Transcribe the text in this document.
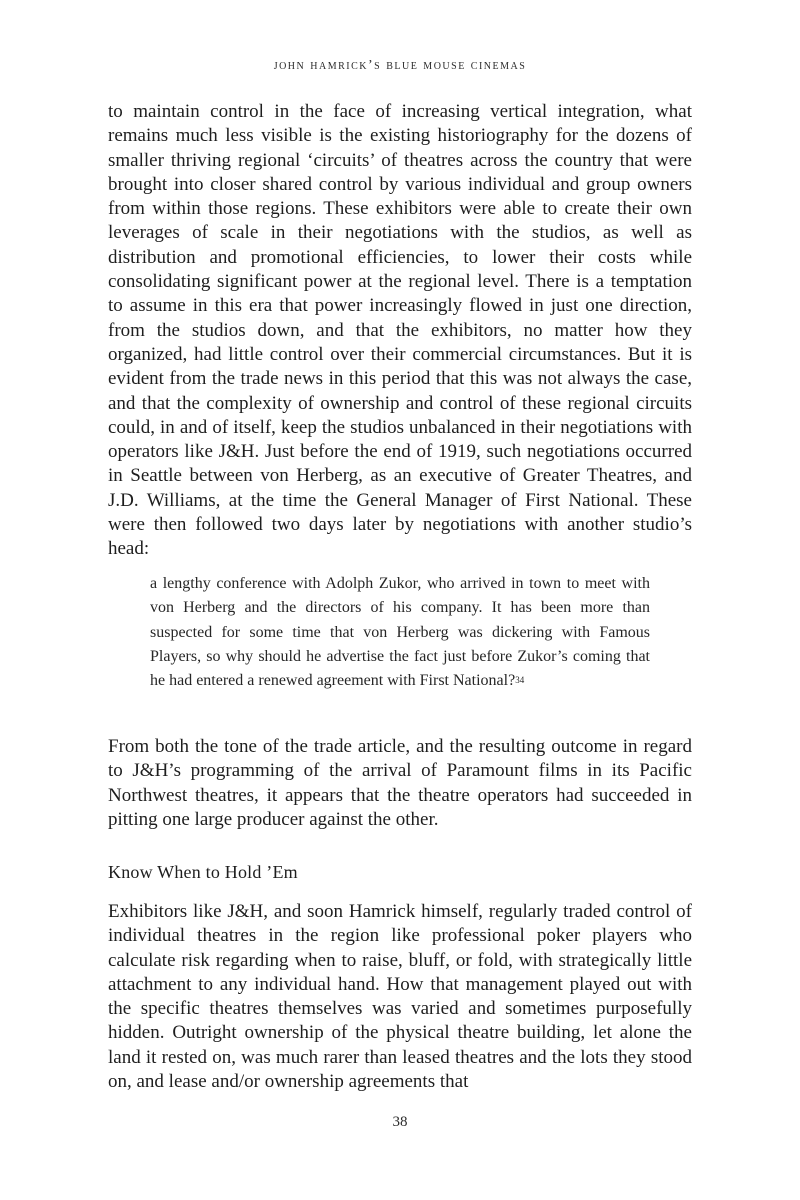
john hamrick’s blue mouse cinemas

to maintain control in the face of increasing vertical integration, what remains much less visible is the existing historiography for the dozens of smaller thriving regional ‘circuits’ of theatres across the country that were brought into closer shared control by various individual and group owners from within those regions. These exhibitors were able to create their own leverages of scale in their negotiations with the studios, as well as distribution and promotional efficiencies, to lower their costs while consolidating significant power at the regional level. There is a temptation to assume in this era that power increasingly flowed in just one direction, from the studios down, and that the exhibitors, no matter how they organized, had little control over their commercial circumstances. But it is evident from the trade news in this period that this was not always the case, and that the complexity of ownership and control of these regional circuits could, in and of itself, keep the studios unbalanced in their negotiations with operators like J&H. Just before the end of 1919, such negotiations occurred in Seattle between von Herberg, as an executive of Greater Theatres, and J.D. Williams, at the time the General Manager of First National. These were then followed two days later by negotiations with another studio’s head:

a lengthy conference with Adolph Zukor, who arrived in town to meet with von Herberg and the directors of his company. It has been more than suspected for some time that von Herberg was dickering with Famous Players, so why should he advertise the fact just before Zukor’s coming that he had entered a renewed agreement with First National?$^{34}$

From both the tone of the trade article, and the resulting outcome in regard to J&H’s programming of the arrival of Paramount films in its Pacific Northwest theatres, it appears that the theatre operators had succeeded in pitting one large producer against the other.

Know When to Hold ’Em

Exhibitors like J&H, and soon Hamrick himself, regularly traded control of individual theatres in the region like professional poker players who calculate risk regarding when to raise, bluff, or fold, with strategically little attachment to any individual hand. How that management played out with the specific theatres themselves was varied and sometimes purposefully hidden. Outright ownership of the physical theatre building, let alone the land it rested on, was much rarer than leased theatres and the lots they stood on, and lease and/or ownership agreements that

38
